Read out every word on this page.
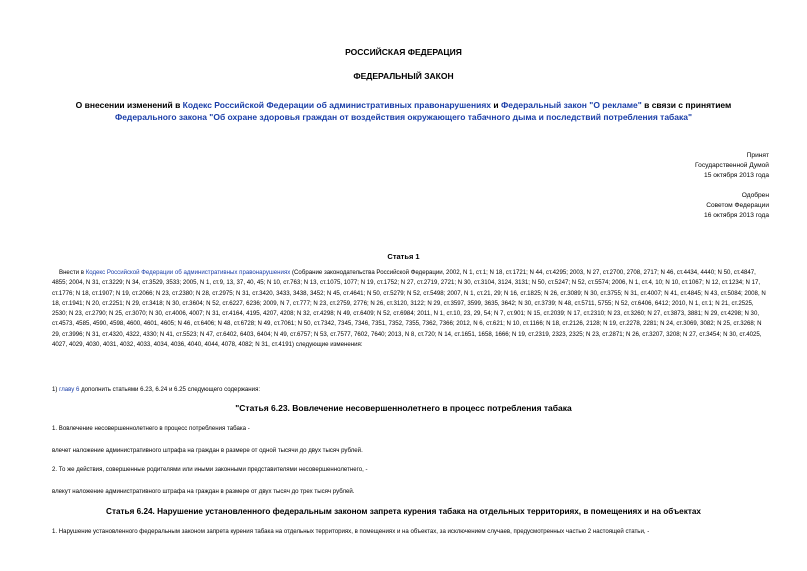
РОССИЙСКАЯ ФЕДЕРАЦИЯ
ФЕДЕРАЛЬНЫЙ ЗАКОН
О внесении изменений в Кодекс Российской Федерации об административных правонарушениях и Федеральный закон "О рекламе" в связи с принятием
Федерального закона "Об охране здоровья граждан от воздействия окружающего табачного дыма и последствий потребления табака"
Принят
Государственной Думой
15 октября 2013 года
Одобрен
Советом Федерации
16 октября 2013 года
Статья 1
Внести в Кодекс Российской Федерации об административных правонарушениях (Собрание законодательства Российской Федерации, 2002, N 1, ст.1; N 18, ст.1721; N 44, ст.4295; 2003, N 27, ст.2700, 2708, 2717; N 46, ст.4434, 4440; N 50, ст.4847, 4855; 2004, N 31, ст.3229; N 34, ст.3529, 3533; 2005, N 1, ст.9, 13, 37, 40, 45; N 10, ст.763; N 13, ст.1075, 1077; N 19, ст.1752; N 27, ст.2719, 2721; N 30, ст.3104, 3124, 3131; N 50, ст.5247; N 52, ст.5574; 2006, N 1, ст.4, 10; N 10, ст.1067; N 12, ст.1234; N 17, ст.1776; N 18, ст.1907; N 19, ст.2066; N 23, ст.2380; N 28, ст.2975; N 31, ст.3420, 3433, 3438, 3452; N 45, ст.4641; N 50, ст.5279; N 52, ст.5498; 2007, N 1, ст.21, 29; N 16, ст.1825; N 26, ст.3089; N 30, ст.3755; N 31, ст.4007; N 41, ст.4845; N 43, ст.5084; 2008, N 18, ст.1941; N 20, ст.2251; N 29, ст.3418; N 30, ст.3604; N 52, ст.6227, 6236; 2009, N 7, ст.777; N 23, ст.2759, 2776; N 26, ст.3120, 3122; N 29, ст.3597, 3599, 3635, 3642; N 30, ст.3739; N 48, ст.5711, 5755; N 52, ст.6406, 6412; 2010, N 1, ст.1; N 21, ст.2525, 2530; N 23, ст.2790; N 25, ст.3070; N 30, ст.4006, 4007; N 31, ст.4164, 4195, 4207, 4208; N 32, ст.4298; N 49, ст.6409; N 52, ст.6984; 2011, N 1, ст.10, 23, 29, 54; N 7, ст.901; N 15, ст.2039; N 17, ст.2310; N 23, ст.3260; N 27, ст.3873, 3881; N 29, ст.4298; N 30, ст.4573, 4585, 4590, 4598, 4600, 4601, 4605; N 46, ст.6406; N 48, ст.6728; N 49, ст.7061; N 50, ст.7342, 7345, 7346, 7351, 7352, 7355, 7362, 7366; 2012, N 6, ст.621; N 10, ст.1166; N 18, ст.2126, 2128; N 19, ст.2278, 2281; N 24, ст.3069, 3082; N 25, ст.3268; N 29, ст.3996; N 31, ст.4320, 4322, 4330; N 41, ст.5523; N 47, ст.6402, 6403, 6404; N 49, ст.6757; N 53, ст.7577, 7602, 7640; 2013, N 8, ст.720; N 14, ст.1651, 1658, 1666; N 19, ст.2319, 2323, 2325; N 23, ст.2871; N 26, ст.3207, 3208; N 27, ст.3454; N 30, ст.4025, 4027, 4029, 4030, 4031, 4032, 4033, 4034, 4036, 4040, 4044, 4078, 4082; N 31, ст.4191) следующие изменения:
1) главу 6 дополнить статьями 6.23, 6.24 и 6.25 следующего содержания:
"Статья 6.23. Вовлечение несовершеннолетнего в процесс потребления табака
1. Вовлечение несовершеннолетнего в процесс потребления табака -
влечет наложение административного штрафа на граждан в размере от одной тысячи до двух тысяч рублей.
2. То же действия, совершенные родителями или иными законными представителями несовершеннолетнего, -
влекут наложение административного штрафа на граждан в размере от двух тысяч до трех тысяч рублей.
Статья 6.24. Нарушение установленного федеральным законом запрета курения табака на отдельных территориях, в помещениях и на объектах
1. Нарушение установленного федеральным законом запрета курения табака на отдельных территориях, в помещениях и на объектах, за исключением случаев, предусмотренных частью 2 настоящей статьи, -
